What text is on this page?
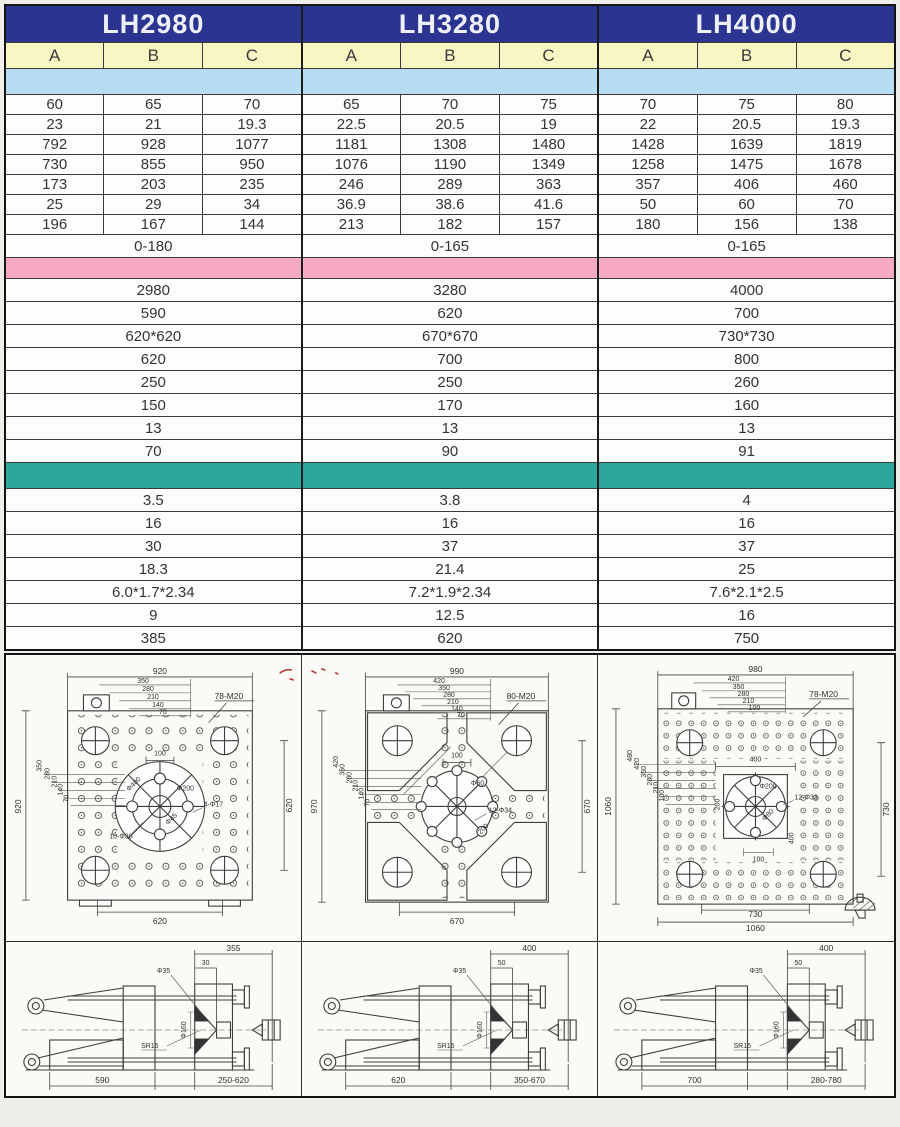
LH2980			LH3280			LH4000		
A	B	C	A	B	C	A	B	C

60	65	70	65	70	75	70	75	80
23	21	19.3	22.5	20.5	19	22	20.5	19.3
792	928	1077	1181	1308	1480	1428	1639	1819
730	855	950	1076	1190	1349	1258	1475	1678
173	203	235	246	289	363	357	406	460
25	29	34	36.9	38.6	41.6	50	60	70
196	167	144	213	182	157	180	156	138
0-180			0-165			0-165		

2980			3280			4000		
590			620			700		
620*620			670*670			730*730		
620			700			800		
250			250			260		
150			170			160		
13			13			13		
70			90			91		

3.5			3.8			4		
16			16			16		
30			37			37		
18.3			21.4			25		
6.0*1.7*2.34			7.2*1.9*2.34			7.6*2.1*2.5		
9			12.5			16		
385			620			750		
920
350
280
210
140
70
920
350
280
210
140
70	620
620
100
Φ400	Φ200
Φ45
10-Φ30
4-Φ17
78-M20
990
420
350
280
210
140
70
970
420
350
280
210
140
70	670
670
100
Φ60
12-Φ34
200
80-M20
980
420
350
280
210
100
1060
480
420
350
280
210
100
730
730
1060
400
Φ200
Φ80
12-Φ33
200
400
100
78-M20
Φ35
Φ160
SR15
355
30
590	250-620
Φ35
Φ160
SR15
400
50
620	350-670
Φ35
Φ160
SR15
400
50
700	280-780
